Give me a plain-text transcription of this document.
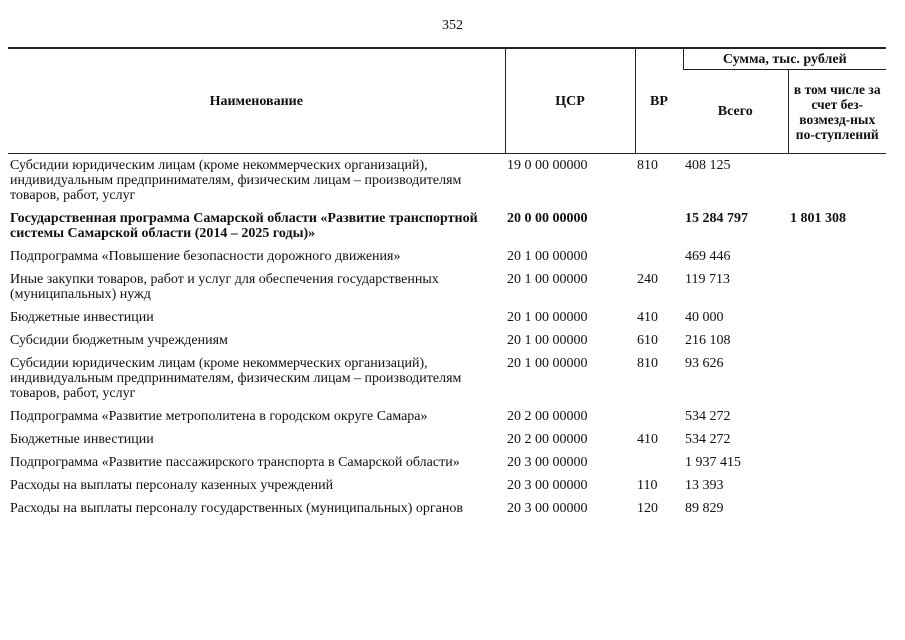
352
Наименование	ЦСР	ВР	Сумма, тыс. рублей	
			Всего	в том числе за счет без-возмезд-ных по-ступлений
Субсидии юридическим лицам (кроме некоммерческих организаций), индивидуальным предпринимателям, физическим лицам – производителям товаров, работ, услуг	19 0 00 00000	810	408 125	
Государственная программа Самарской области «Развитие транспортной системы Самарской области (2014 – 2025 годы)»	20 0 00 00000		15 284 797	1 801 308
Подпрограмма «Повышение безопасности дорожного движения»	20 1 00 00000		469 446	
Иные закупки товаров, работ и услуг для обеспечения государственных (муниципальных) нужд	20 1 00 00000	240	119 713	
Бюджетные инвестиции	20 1 00 00000	410	40 000	
Субсидии бюджетным учреждениям	20 1 00 00000	610	216 108	
Субсидии юридическим лицам (кроме некоммерческих организаций), индивидуальным предпринимателям, физическим лицам – производителям товаров, работ, услуг	20 1 00 00000	810	93 626	
Подпрограмма «Развитие метрополитена в городском округе Самара»	20 2 00 00000		534 272	
Бюджетные инвестиции	20 2 00 00000	410	534 272	
Подпрограмма «Развитие пассажирского транспорта в Самарской области»	20 3 00 00000		1 937 415	
Расходы на выплаты персоналу казенных учреждений	20 3 00 00000	110	13 393	
Расходы на выплаты персоналу государственных (муниципальных) органов	20 3 00 00000	120	89 829	
